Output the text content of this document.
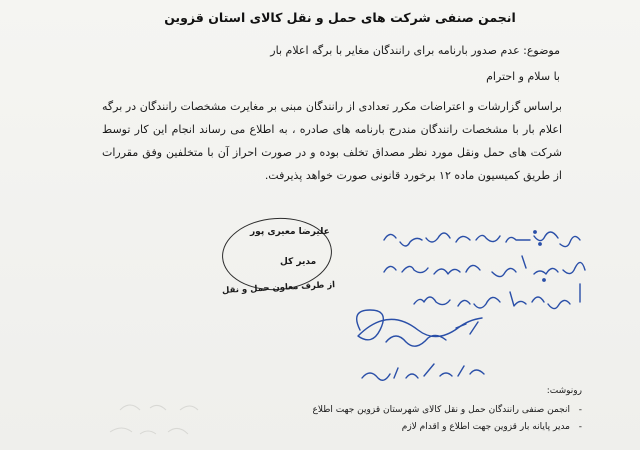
انجمن صنفی شرکت های حمل و نقل کالای استان قزوین
موضوع: عدم صدور بارنامه برای رانندگان مغایر با برگه اعلام بار
با سلام و احترام
براساس گزارشات و اعتراضات مکرر تعدادی از رانندگان مبنی بر مغایرت مشخصات رانندگان در برگه اعلام بار با مشخصات رانندگان مندرج بارنامه های صادره ، به اطلاع می رساند انجام این کار توسط شرکت های حمل ونقل مورد نظر مصداق تخلف بوده و در صورت احراز آن با متخلفین وفق مقررات از طریق کمیسیون ماده ۱۲ برخورد قانونی صورت خواهد پذیرفت.
علیرضا معیری پور
مدیر کل
از طرف معاون حمل و نقل
رونوشت:
- انجمن صنفی رانندگان حمل و نقل کالای شهرستان قزوین جهت اطلاع
- مدیر پایانه بار قزوین جهت اطلاع و اقدام لازم
